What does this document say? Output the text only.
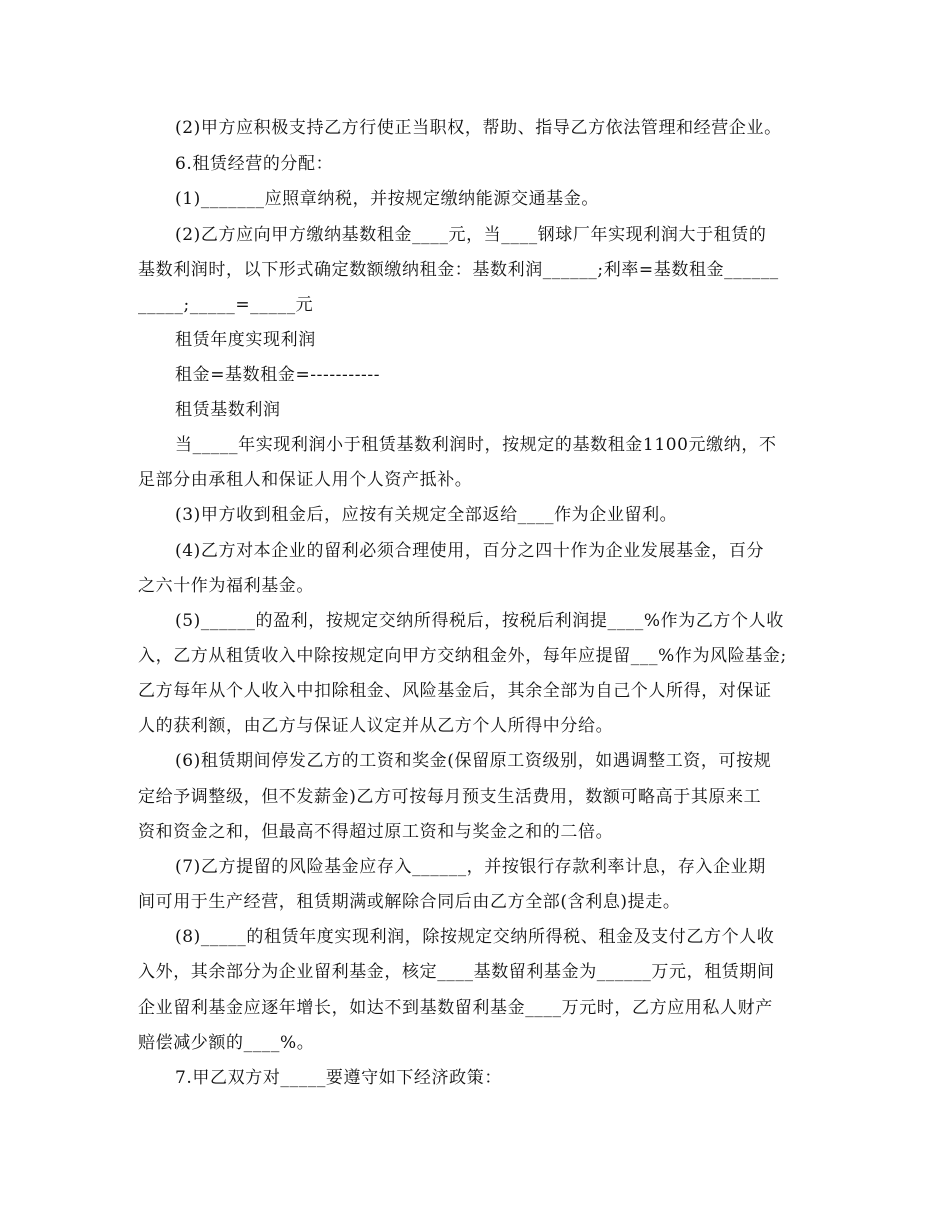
(2)甲方应积极支持乙方行使正当职权，帮助、指导乙方依法管理和经营企业。
6.租赁经营的分配：
(1)_______应照章纳税，并按规定缴纳能源交通基金。
(2)乙方应向甲方缴纳基数租金____元，当____钢球厂年实现利润大于租赁的
基数利润时，以下形式确定数额缴纳租金：基数利润______;利率=基数租金______
_____;_____=_____元
租赁年度实现利润
租金=基数租金=-----------
租赁基数利润
当_____年实现利润小于租赁基数利润时，按规定的基数租金1100元缴纳，不
足部分由承租人和保证人用个人资产抵补。
(3)甲方收到租金后，应按有关规定全部返给____作为企业留利。
(4)乙方对本企业的留利必须合理使用，百分之四十作为企业发展基金，百分
之六十作为福利基金。
(5)______的盈利，按规定交纳所得税后，按税后利润提____%作为乙方个人收
入，乙方从租赁收入中除按规定向甲方交纳租金外，每年应提留___%作为风险基金;
乙方每年从个人收入中扣除租金、风险基金后，其余全部为自己个人所得，对保证
人的获利额，由乙方与保证人议定并从乙方个人所得中分给。
(6)租赁期间停发乙方的工资和奖金(保留原工资级别，如遇调整工资，可按规
定给予调整级，但不发薪金)乙方可按每月预支生活费用，数额可略高于其原来工
资和资金之和，但最高不得超过原工资和与奖金之和的二倍。
(7)乙方提留的风险基金应存入______，并按银行存款利率计息，存入企业期
间可用于生产经营，租赁期满或解除合同后由乙方全部(含利息)提走。
(8)_____的租赁年度实现利润，除按规定交纳所得税、租金及支付乙方个人收
入外，其余部分为企业留利基金，核定____基数留利基金为______万元，租赁期间
企业留利基金应逐年增长，如达不到基数留利基金____万元时，乙方应用私人财产
赔偿减少额的____%。
7.甲乙双方对_____要遵守如下经济政策：
